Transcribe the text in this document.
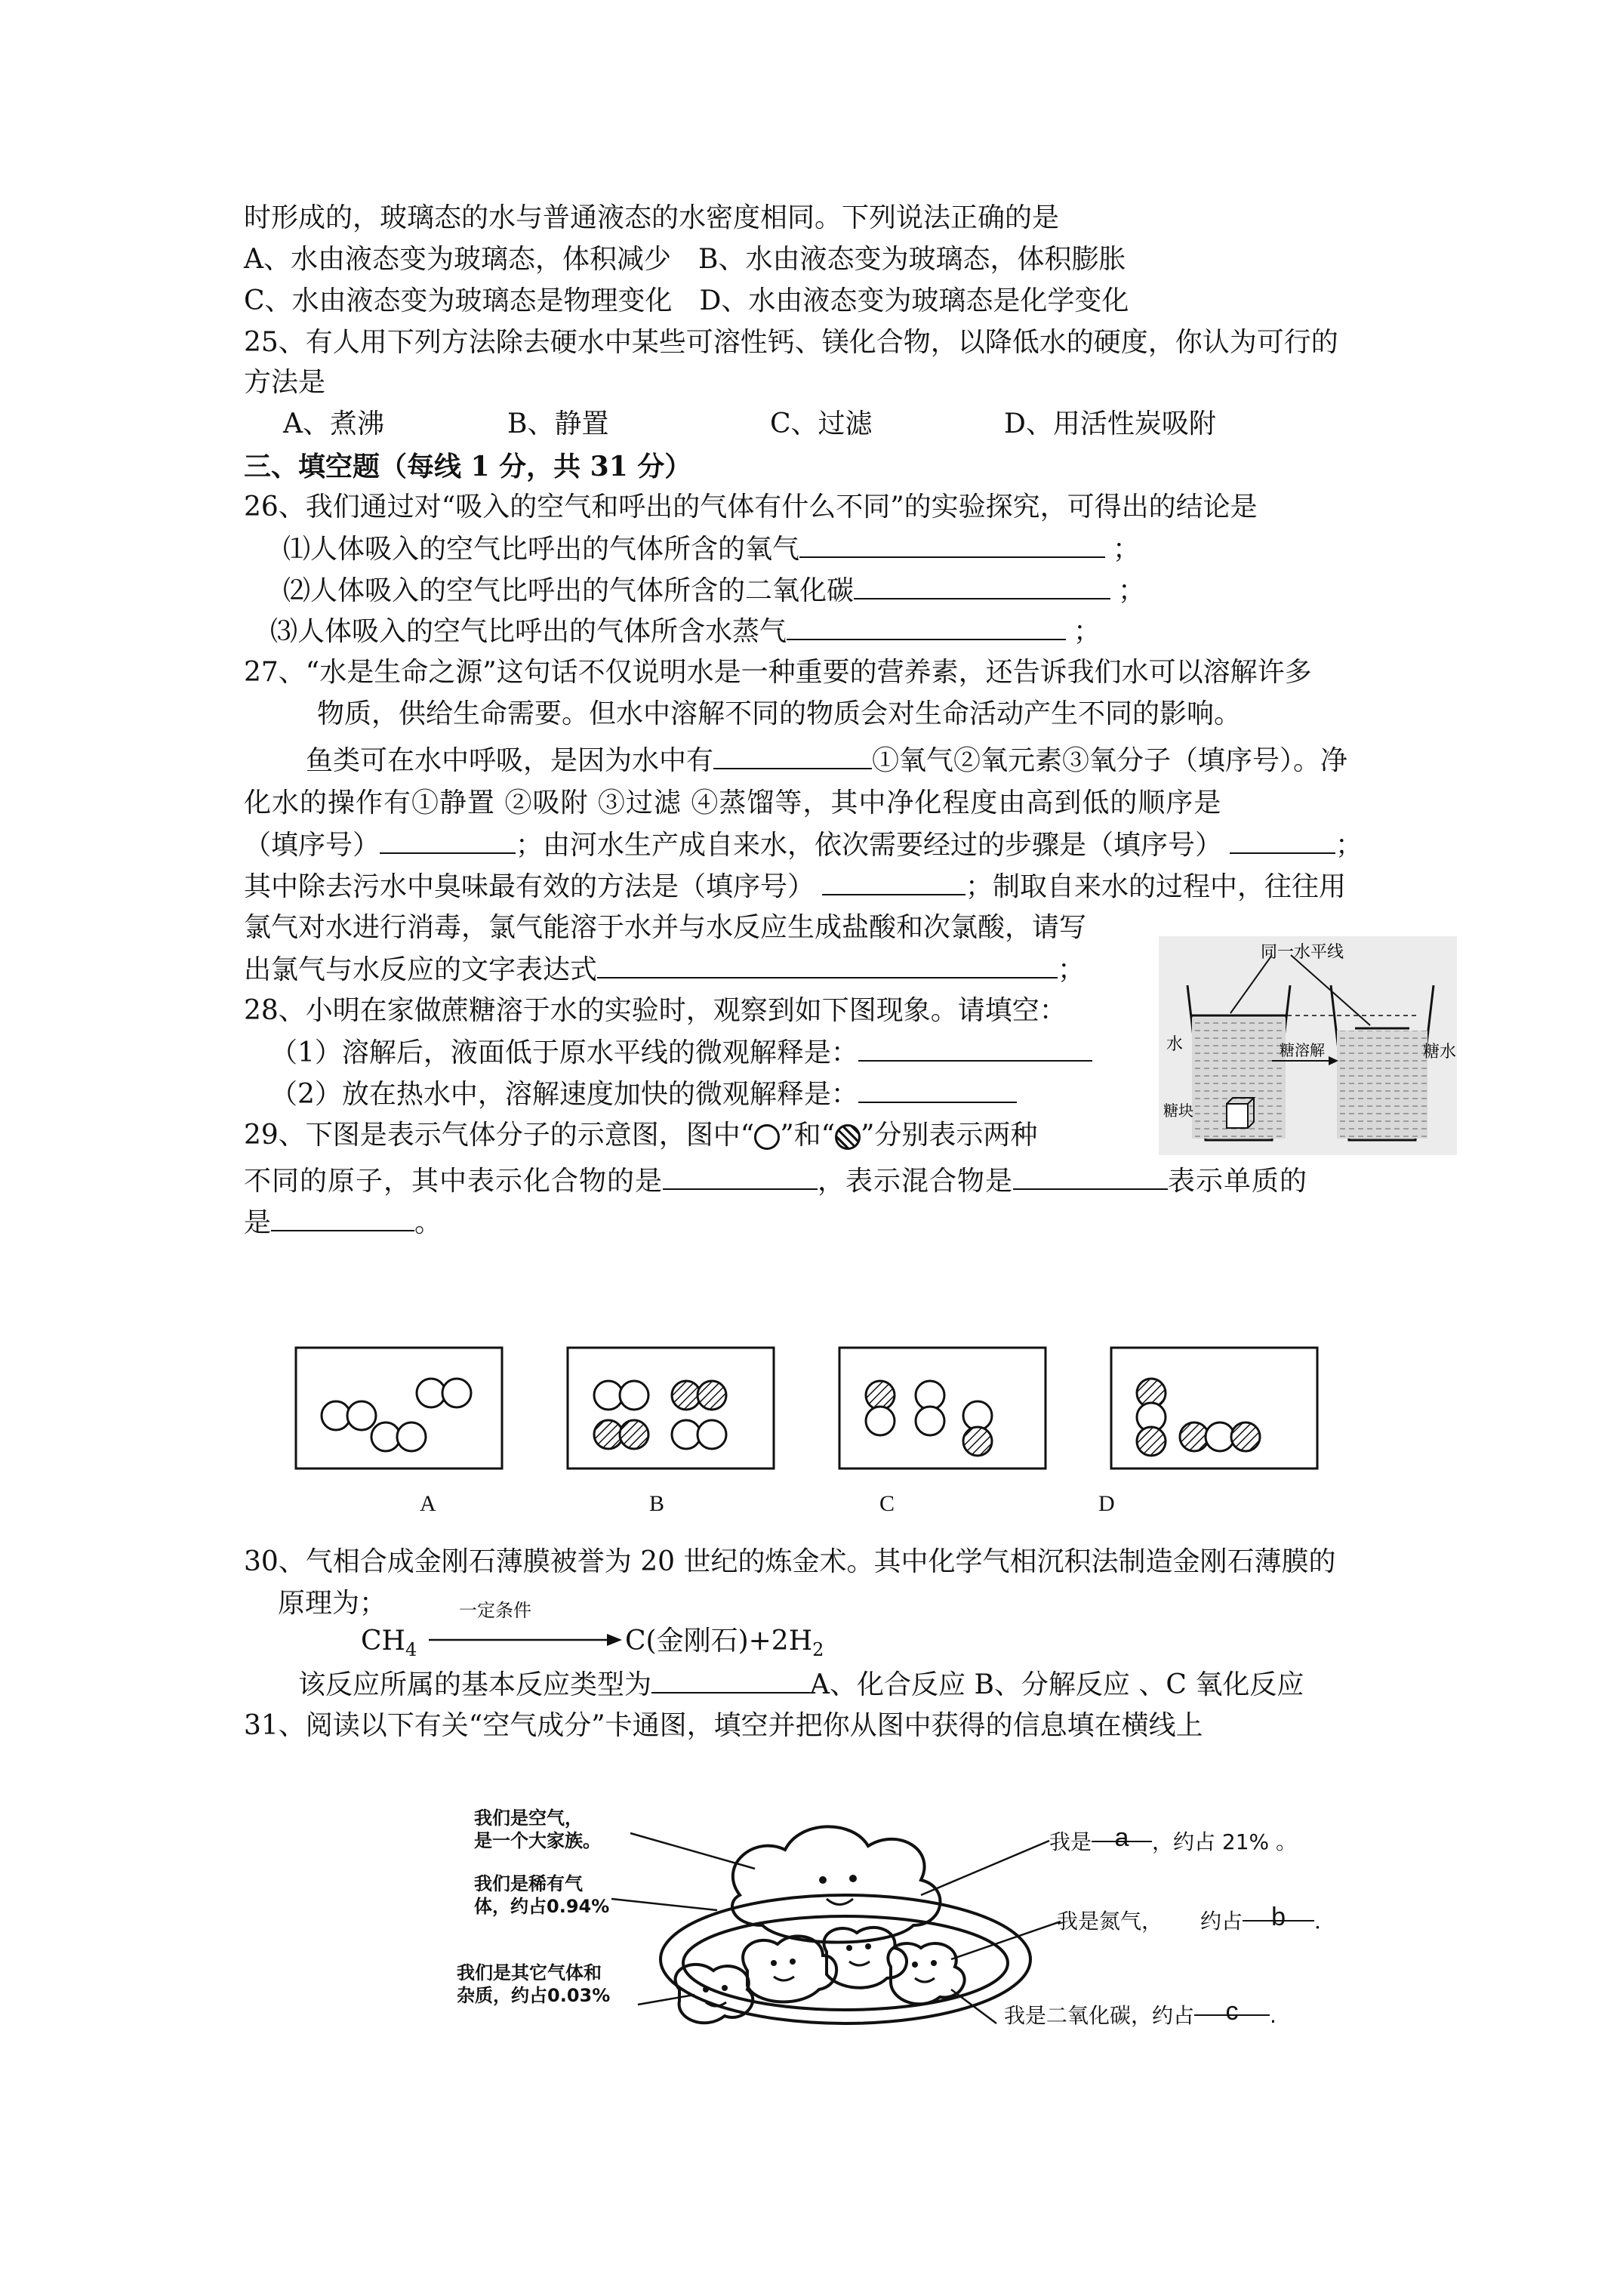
时形成的，玻璃态的水与普通液态的水密度相同。下列说法正确的是
A、水由液态变为玻璃态，体积减少　B、水由液态变为玻璃态，体积膨胀
C、水由液态变为玻璃态是物理变化　D、水由液态变为玻璃态是化学变化
25、有人用下列方法除去硬水中某些可溶性钙、镁化合物，以降低水的硬度，你认为可行的
方法是
A、煮沸	B、静置	C、过滤	D、用活性炭吸附
三、填空题（每线 1 分，共 31 分）
26、我们通过对“吸入的空气和呼出的气体有什么不同”的实验探究，可得出的结论是
⑴人体吸入的空气比呼出的气体所含的氧气	；
⑵人体吸入的空气比呼出的气体所含的二氧化碳	；
⑶人体吸入的空气比呼出的气体所含水蒸气	；
27、“水是生命之源”这句话不仅说明水是一种重要的营养素，还告诉我们水可以溶解许多
物质，供给生命需要。但水中溶解不同的物质会对生命活动产生不同的影响。
鱼类可在水中呼吸，是因为水中有	①氧气②氧元素③氧分子（填序号）。净
化水的操作有①静置 ②吸附 ③过滤 ④蒸馏等，其中净化程度由高到低的顺序是
（填序号）	；由河水生产成自来水，依次需要经过的步骤是（填序号）	；
其中除去污水中臭味最有效的方法是（填序号）	；制取自来水的过程中，往往用
氯气对水进行消毒，氯气能溶于水并与水反应生成盐酸和次氯酸，请写
出氯气与水反应的文字表达式	；
28、小明在家做蔗糖溶于水的实验时，观察到如下图现象。请填空：
（1）溶解后，液面低于原水平线的微观解释是：
（2）放在热水中，溶解速度加快的微观解释是：
29、下图是表示气体分子的示意图，图中“ ”和“ ”分别表示两种
不同的原子，其中表示化合物的是	，表示混合物是	表示单质的
是	。
同一水平线
水	糖溶解	糖水
糖块
A	B	C	D
30、气相合成金刚石薄膜被誉为 20 世纪的炼金术。其中化学气相沉积法制造金刚石薄膜的
原理为；	一定条件
$CH_4$	C(金刚石)$+2H_2$
该反应所属的基本反应类型为	A、化合反应 B、分解反应 、C 氧化反应
31、阅读以下有关“空气成分”卡通图，填空并把你从图中获得的信息填在横线上
我们是空气，
是一个大家族。
我们是稀有气
体，约占0.94%
我们是其它气体和
杂质，约占0.03%
我是 a ，约占 21% 。
我是氮气， 约占 b .
我是二氧化碳，约占 c .
